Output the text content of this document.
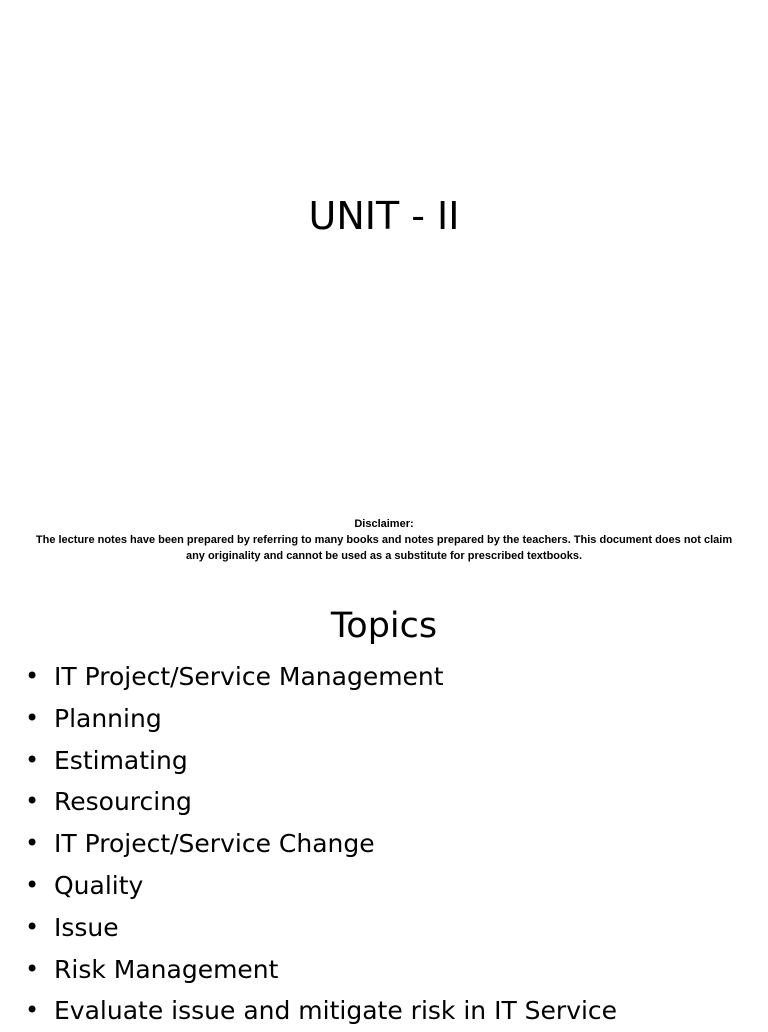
UNIT - II
Disclaimer:
The lecture notes have been prepared by referring to many books and notes prepared by the teachers. This document does not claim
any originality and cannot be used as a substitute for prescribed textbooks.
Topics
• IT Project/Service Management
• Planning
• Estimating
• Resourcing
• IT Project/Service Change
• Quality
• Issue
• Risk Management
• Evaluate issue and mitigate risk in IT Service
